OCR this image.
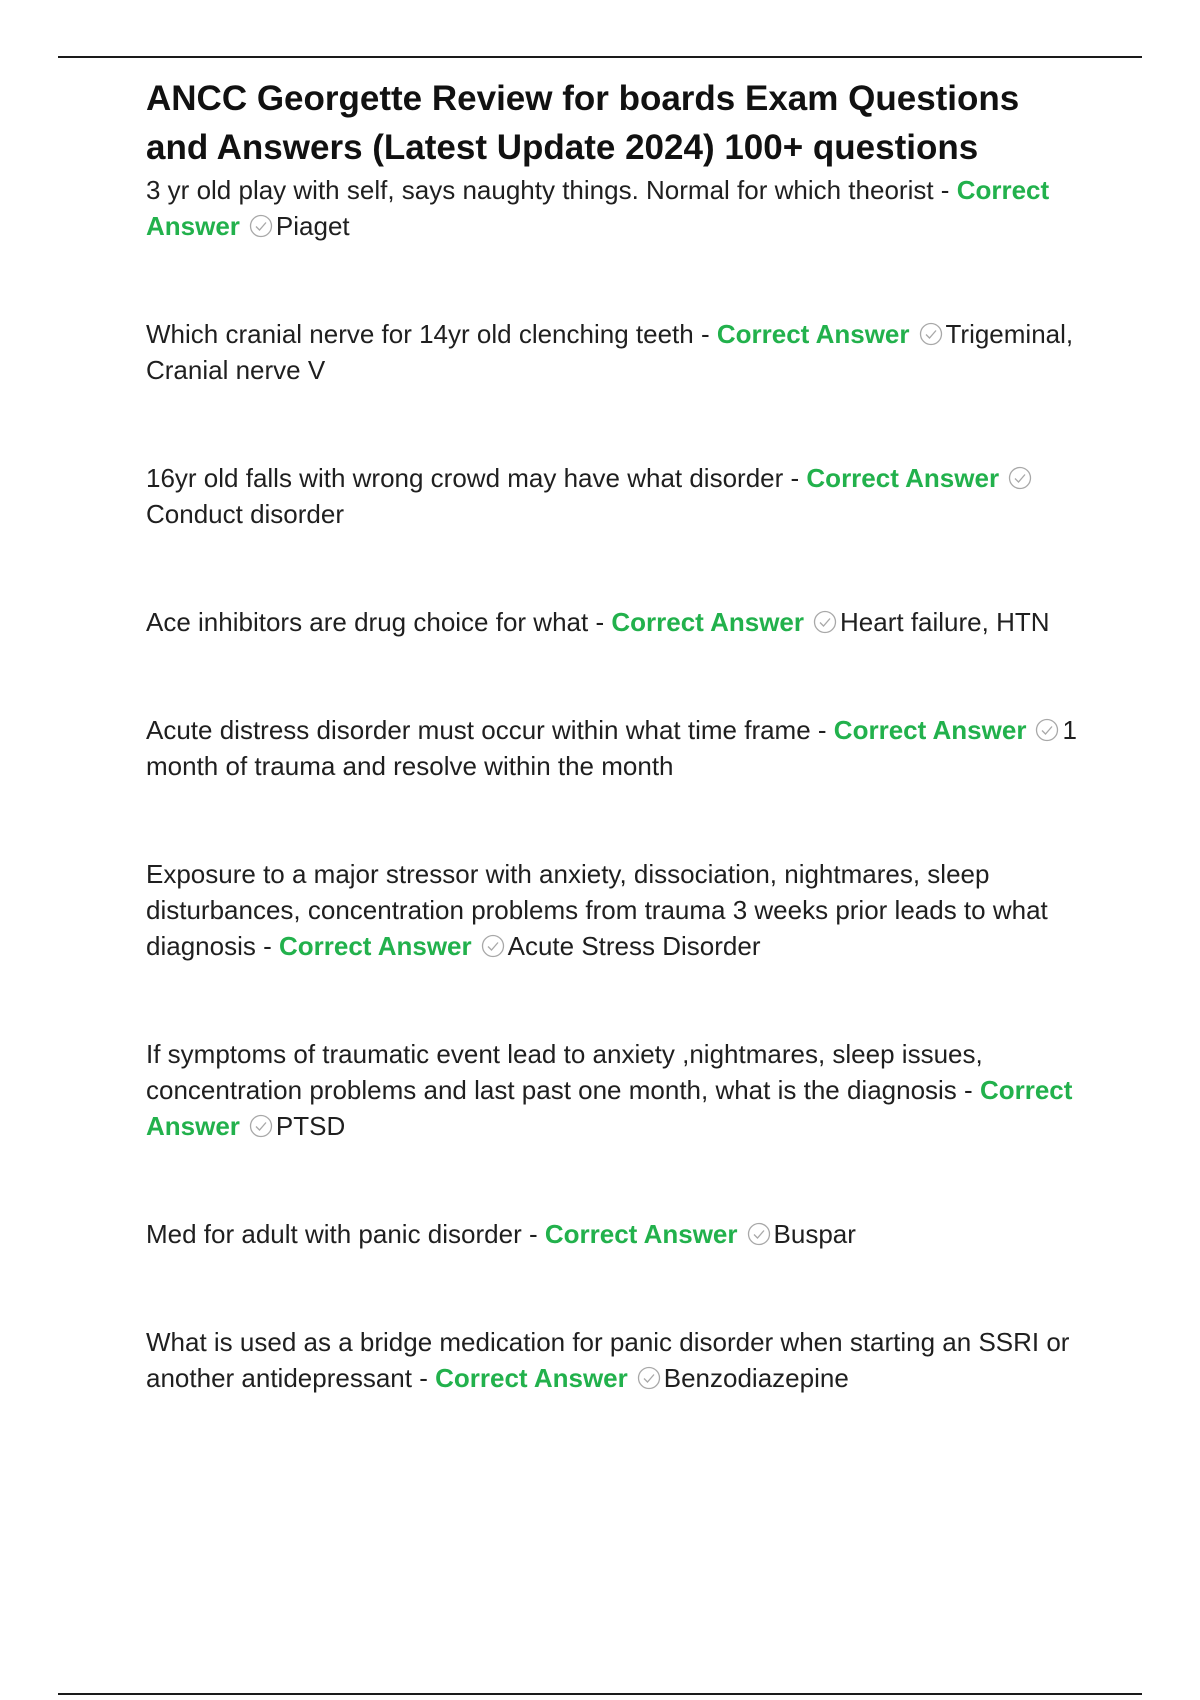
ANCC Georgette Review for boards Exam Questions and Answers (Latest Update 2024) 100+ questions

3 yr old play with self, says naughty things. Normal for which theorist - Correct Answer Piaget

Which cranial nerve for 14yr old clenching teeth - Correct Answer Trigeminal, Cranial nerve V

16yr old falls with wrong crowd may have what disorder - Correct Answer
Conduct disorder

Ace inhibitors are drug choice for what - Correct Answer Heart failure, HTN

Acute distress disorder must occur within what time frame - Correct Answer 1 month of trauma and resolve within the month

Exposure to a major stressor with anxiety, dissociation, nightmares, sleep disturbances, concentration problems from trauma 3 weeks prior leads to what diagnosis - Correct Answer Acute Stress Disorder

If symptoms of traumatic event lead to anxiety ,nightmares, sleep issues, concentration problems and last past one month, what is the diagnosis - Correct Answer PTSD

Med for adult with panic disorder - Correct Answer Buspar

What is used as a bridge medication for panic disorder when starting an SSRI or another antidepressant - Correct Answer Benzodiazepine
